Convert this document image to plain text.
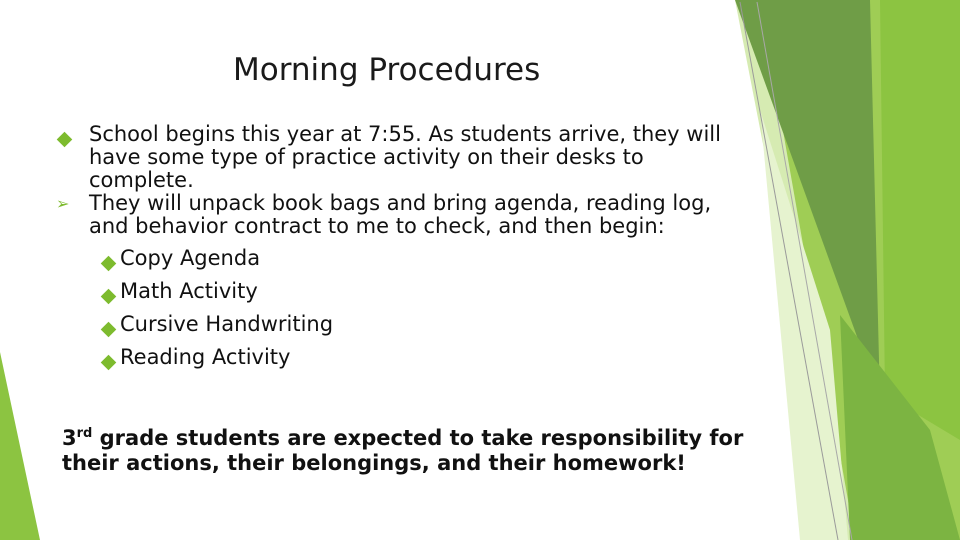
Morning Procedures
School begins this year at 7:55. As students arrive, they will have some type of practice activity on their desks to complete.
➢ They will unpack book bags and bring agenda, reading log, and behavior contract to me to check, and then begin:
Copy Agenda
Math Activity
Cursive Handwriting
Reading Activity
3rd grade students are expected to take responsibility for their actions, their belongings, and their homework!
